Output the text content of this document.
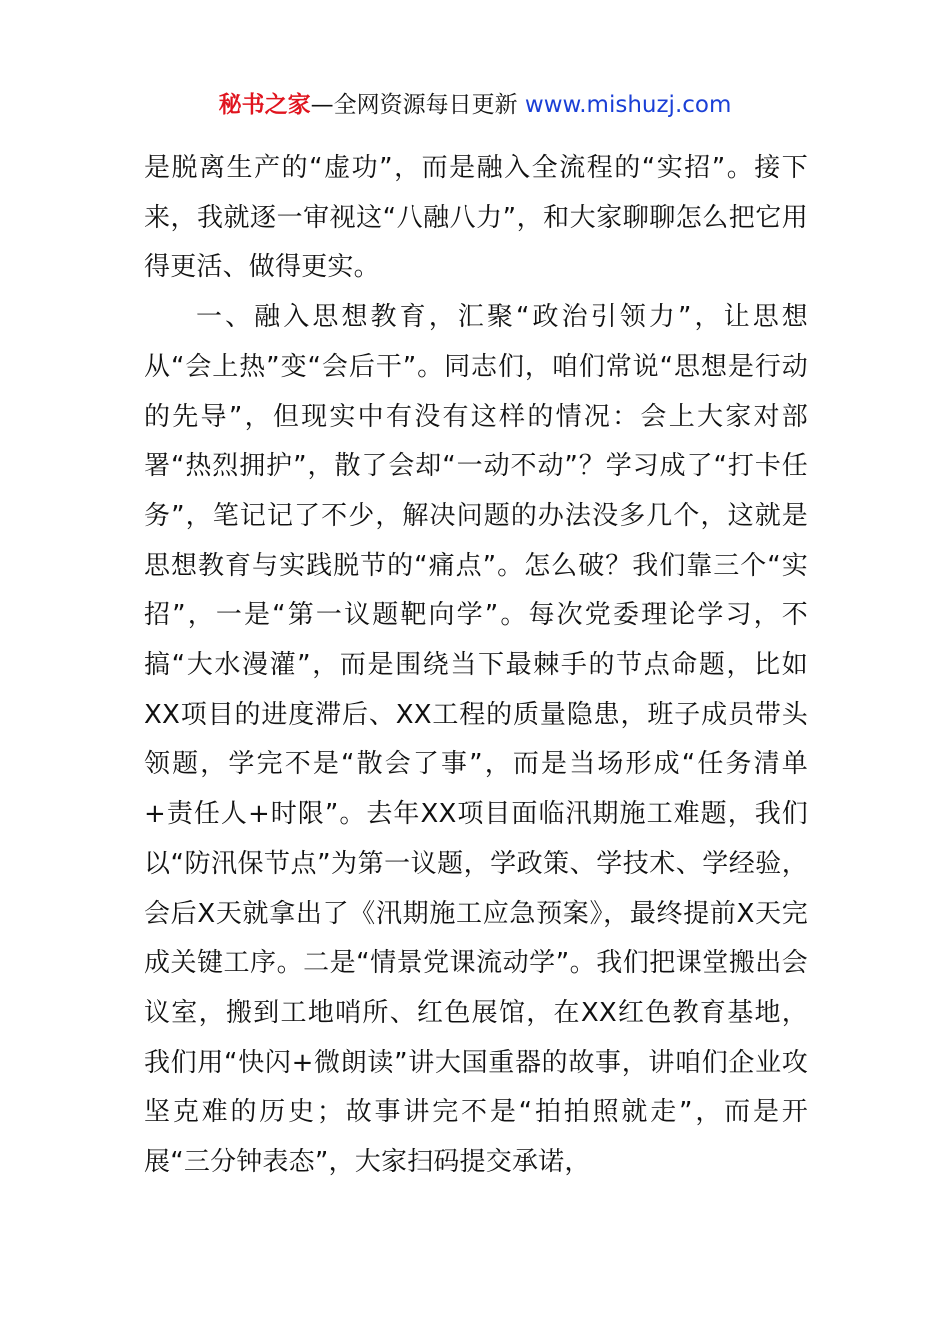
秘书之家—全网资源每日更新 www.mishuzj.com

是脱离生产的“虚功”，而是融入全流程的“实招”。接下来，我就逐一审视这“八融八力”，和大家聊聊怎么把它用得更活、做得更实。

一、融入思想教育，汇聚“政治引领力”，让思想从“会上热”变“会后干”。同志们，咱们常说“思想是行动的先导”，但现实中有没有这样的情况：会上大家对部署“热烈拥护”，散了会却“一动不动”？学习成了“打卡任务”，笔记记了不少，解决问题的办法没多几个，这就是思想教育与实践脱节的“痛点”。怎么破？我们靠三个“实招”，一是“第一议题靶向学”。每次党委理论学习，不搞“大水漫灌”，而是围绕当下最棘手的节点命题，比如XX项目的进度滞后、XX工程的质量隐患，班子成员带头领题，学完不是“散会了事”，而是当场形成“任务清单+责任人+时限”。去年XX项目面临汛期施工难题，我们以“防汛保节点”为第一议题，学政策、学技术、学经验，会后X天就拿出了《汛期施工应急预案》，最终提前X天完成关键工序。二是“情景党课流动学”。我们把课堂搬出会议室，搬到工地哨所、红色展馆，在XX红色教育基地，我们用“快闪+微朗读”讲大国重器的故事，讲咱们企业攻坚克难的历史；故事讲完不是“拍拍照就走”，而是开展“三分钟表态”，大家扫码提交承诺，
